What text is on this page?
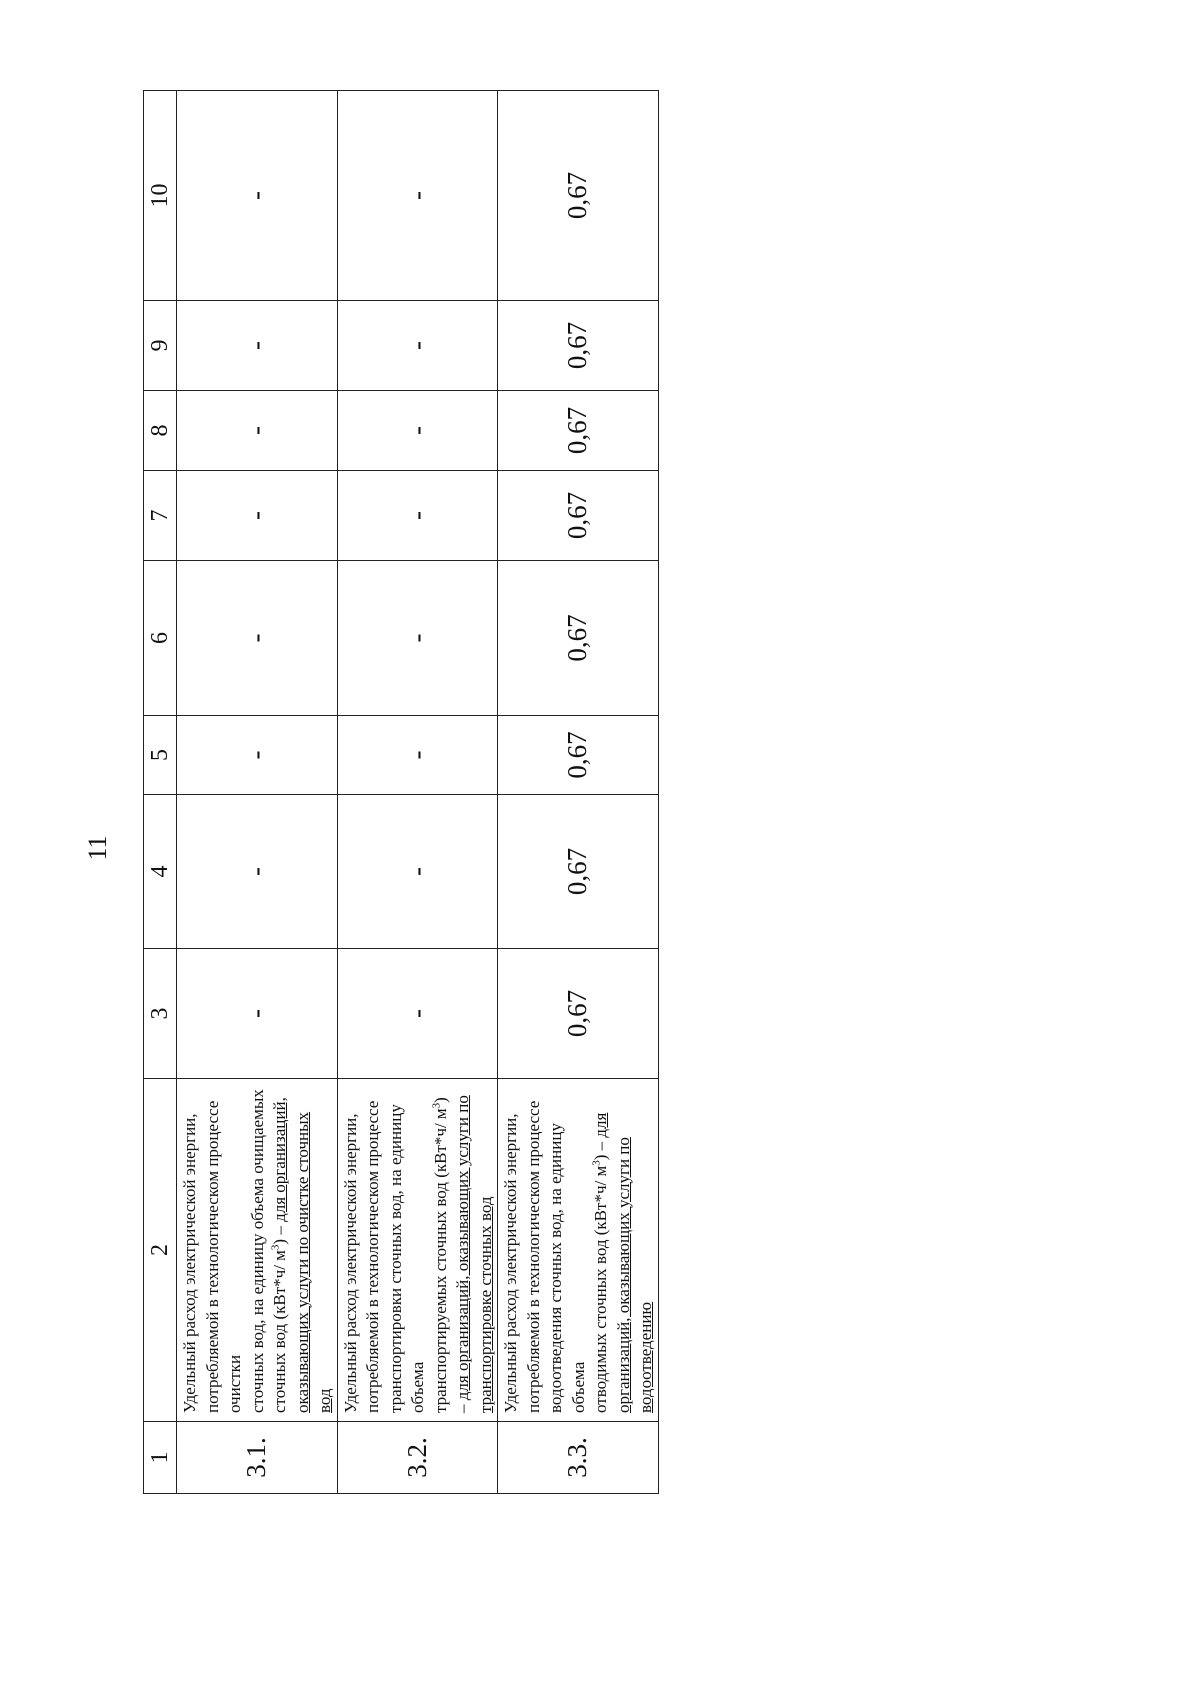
11
1	2	3	4	5	6	7	8	9	10
3.1.	Удельный расход электрической энергии, потребляемой в технологическом процессе очистки сточных вод, на единицу объема очищаемых сточных вод (кВт*ч/ $м^3$) – для организаций, оказывающих услуги по очистке сточных вод	-	-	-	-	-	-	-	-
3.2.	Удельный расход электрической энергии, потребляемой в технологическом процессе транспортировки сточных вод, на единицу объема транспортируемых сточных вод (кВт*ч/ $м^3$) – для организаций, оказывающих услуги по транспортировке сточных вод	-	-	-	-	-	-	-	-
3.3.	Удельный расход электрической энергии, потребляемой в технологическом процессе водоотведения сточных вод, на единицу объема отводимых сточных вод (кВт*ч/ $м^3$) – для организаций, оказывающих услуги по водоотведению	0,67	0,67	0,67	0,67	0,67	0,67	0,67	0,67
